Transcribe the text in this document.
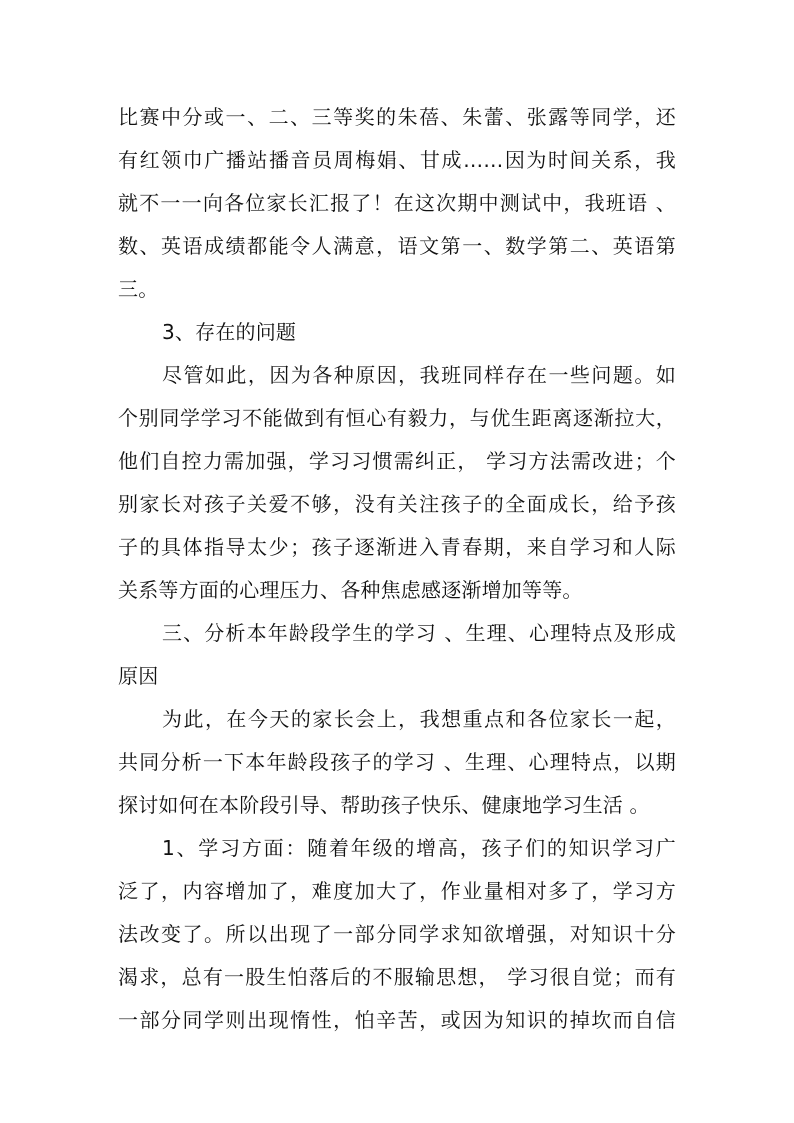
比赛中分或一、二、三等奖的朱蓓、朱蕾、张露等同学，还
有红领巾广播站播音员周梅娟、甘成……因为时间关系，我
就不一一向各位家长汇报了！在这次期中测试中，我班语 、
数、英语成绩都能令人满意，语文第一、数学第二、英语第
三。
3、存在的问题
尽管如此，因为各种原因，我班同样存在一些问题。如
个别同学学习不能做到有恒心有毅力，与优生距离逐渐拉大，
他们自控力需加强，学习习惯需纠正， 学习方法需改进；个
别家长对孩子关爱不够，没有关注孩子的全面成长，给予孩
子的具体指导太少；孩子逐渐进入青春期，来自学习和人际
关系等方面的心理压力、各种焦虑感逐渐增加等等。
三、分析本年龄段学生的学习 、生理、心理特点及形成
原因
为此，在今天的家长会上，我想重点和各位家长一起，
共同分析一下本年龄段孩子的学习 、生理、心理特点，以期
探讨如何在本阶段引导、帮助孩子快乐、健康地学习生活 。
1、学习方面：随着年级的增高，孩子们的知识学习广
泛了，内容增加了，难度加大了，作业量相对多了，学习方
法改变了。所以出现了一部分同学求知欲增强，对知识十分
渴求，总有一股生怕落后的不服输思想， 学习很自觉；而有
一部分同学则出现惰性，怕辛苦，或因为知识的掉坎而自信
